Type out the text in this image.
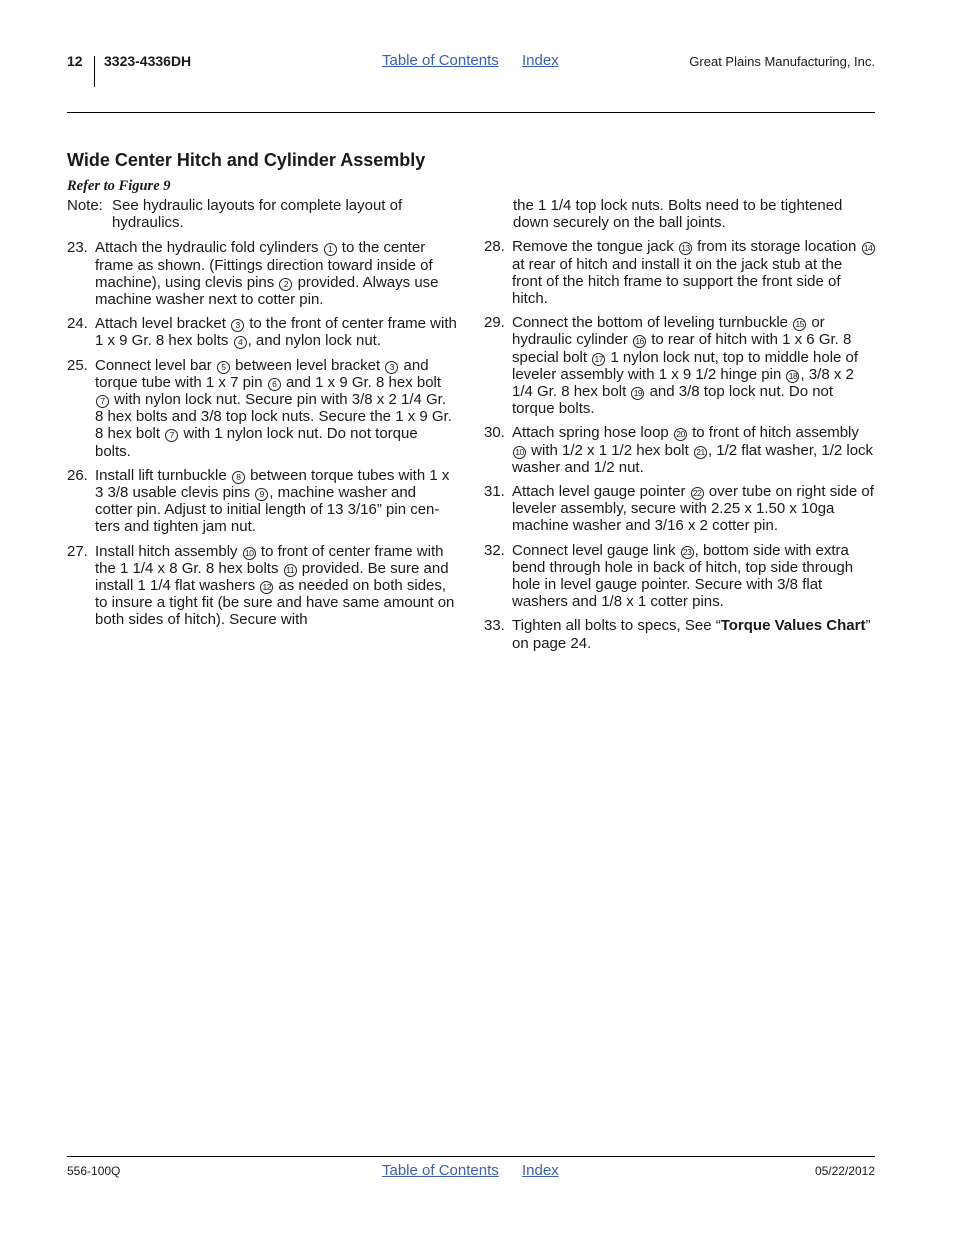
12 3323-4336DH	Table of Contents Index	Great Plains Manufacturing, Inc.
Wide Center Hitch and Cylinder Assembly
Refer to Figure 9
Note: See hydraulic layouts for complete layout of hydraulics.
23. Attach the hydraulic fold cylinders 1 to the center frame as shown. (Fittings direction toward inside of machine), using clevis pins 2 provided. Always use machine washer next to cotter pin.
24. Attach level bracket 3 to the front of center frame with 1 x 9 Gr. 8 hex bolts 4 , and nylon lock nut.
25. Connect level bar 5 between level bracket 3 and torque tube with 1 x 7 pin 6 and 1 x 9 Gr. 8 hex bolt 7 with nylon lock nut. Secure pin with 3/8 x 2 1/4 Gr. 8 hex bolts and 3/8 top lock nuts. Secure the 1 x 9 Gr. 8 hex bolt 7 with 1 nylon lock nut. Do not torque bolts.
26. Install lift turnbuckle 8 between torque tubes with 1 x 3 3/8 usable clevis pins 9 , machine washer and cotter pin. Adjust to initial length of 13 3/16” pin cen-ters and tighten jam nut.
27. Install hitch assembly 10 to front of center frame with the 1 1/4 x 8 Gr. 8 hex bolts 11 provided. Be sure and install 1 1/4 flat washers 12 as needed on both sides, to insure a tight fit (be sure and have same amount on both sides of hitch). Secure with
the 1 1/4 top lock nuts. Bolts need to be tightened down securely on the ball joints.
28. Remove the tongue jack 13 from its storage location 14 at rear of hitch and install it on the jack stub at the front of the hitch frame to support the front side of hitch.
29. Connect the bottom of leveling turnbuckle 15 or hydraulic cylinder 16 to rear of hitch with 1 x 6 Gr. 8 special bolt 17 1 nylon lock nut, top to middle hole of leveler assembly with 1 x 9 1/2 hinge pin 18 , 3/8 x 2 1/4 Gr. 8 hex bolt 19 and 3/8 top lock nut. Do not torque bolts.
30. Attach spring hose loop 20 to front of hitch assembly 10 with 1/2 x 1 1/2 hex bolt 21 , 1/2 flat washer, 1/2 lock washer and 1/2 nut.
31. Attach level gauge pointer 22 over tube on right side of leveler assembly, secure with 2.25 x 1.50 x 10ga machine washer and 3/16 x 2 cotter pin.
32. Connect level gauge link 23 , bottom side with extra bend through hole in back of hitch, top side through hole in level gauge pointer. Secure with 3/8 flat washers and 1/8 x 1 cotter pins.
33. Tighten all bolts to specs, See “Torque Values Chart” on page 24.
556-100Q	Table of Contents Index	05/22/2012
